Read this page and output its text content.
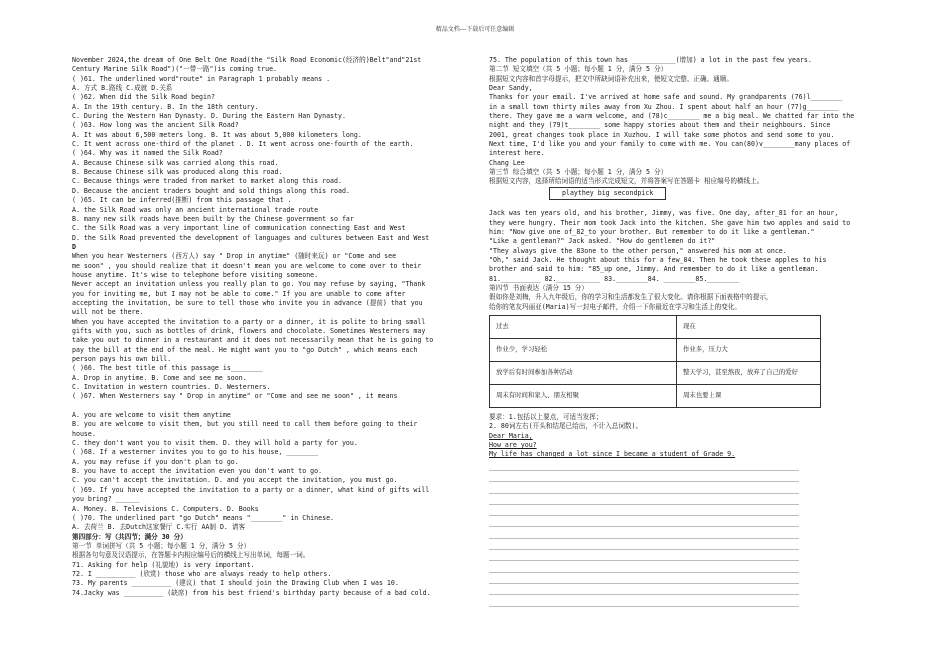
精品文档---下载后可任意编辑
November 2024,the dream of One Belt One Road(the "Silk Road Economic(经济的)Belt"and"21st
Century Marine Silk Road")("一带一路")is coming true.
( )61. The underlined word"route" in Paragraph 1 probably means .
A. 方式 B.路线 C.成就 D.关系
( )62. When did the Silk Road begin?
A. In the 19th century. B. In the 18th century.
C. During the Western Han Dynasty. D. During the Eastern Han Dynasty.
( )63. How long was the ancient Silk Road?
A. It was about 6,500 meters long. B. It was about 5,000 kilometers long.
C. It went across one-third of the planet . D. It went across one-fourth of the earth.
( )64. Why was it named the Silk Road?
A. Because Chinese silk was carried along this road.
B. Because Chinese silk was produced along this road.
C. Because things were traded from market to market along this road.
D. Because the ancient traders bought and sold things along this road.
( )65. It can be inferred(推断) from this passage that .
A. the Silk Road was only an ancient international trade route
B. many new silk roads have been built by the Chinese government so far
C. the Silk Road was a very important line of communication connecting East and West
D. the Silk Road prevented the development of languages and cultures between East and West
D
When you hear Westerners (西方人) say " Drop in anytime" (随时来玩) or "Come and see
me soon" , you should realize that it doesn't mean you are welcome to come over to their
house anytime. It's wise to telephone before visiting someone.
Never accept an invitation unless you really plan to go. You may refuse by saying, "Thank
you for inviting me, but I may not be able to come." If you are unable to come after
accepting the invitation, be sure to tell those who invite you in advance (提前) that you
will not be there.
When you have accepted the invitation to a party or a dinner, it is polite to bring small
gifts with you, such as bottles of drink, flowers and chocolate. Sometimes Westerners may
take you out to dinner in a restaurant and it does not necessarily mean that he is going to
pay the bill at the end of the meal. He might want you to "go Dutch" , which means each
person pays his own bill.
( )66. The best title of this passage is________
A. Drop in anytime. B. Come and see me soon.
C. Invitation in western countries. D. Westerners.
( )67. When Westerners say " Drop in anytime" or "Come and see me soon" , it means

A. you are welcome to visit them anytime
B. you are welcome to visit them, but you still need to call them before going to their
house.
C. they don't want you to visit them. D. they will hold a party for you.
( )68. If a westerner invites you to go to his house, ________
A. you may refuse if you don't plan to go.
B. you have to accept the invitation even you don't want to go.
C. you can't accept the invitation. D. and you accept the invitation, you must go.
( )69. If you have accepted the invitation to a party or a dinner, what kind of gifts will
you bring? ______
A. Money. B. Televisions C. Computers. D. Books
( )70. The underlined part "go Dutch" means "________" in Chinese.
A. 去荷兰 B. 去Dutch这家餐厅 C.实行 AA制 D. 请客
第四部分：写（共四节；满分 30 分）
第一节 单词拼写（共 5 小题；每小题 1 分，满分 5 分）
根据各句句意及汉语提示，在答题卡内相应编号后的横线上写出单词，每题一词。
71. Asking for help (礼貌地) is very important.
72. I __________ (欣赏) those who are always ready to help others.
73. My parents __________ (建议) that I should join the Drawing Club when I was 10.
74.Jacky was __________ (缺席) from his best friend's birthday party because of a bad cold.
75. The population of this town has ___________(增加) a lot in the past few years.
第二节 短文填空（共 5 小题；每小题 1 分，满分 5 分）
根据短文内容和首字母提示，把文中所缺词语补充出来，使短文完整、正确、通顺。
Dear Sandy,
Thanks for your email. I've arrived at home safe and sound. My grandparents (76)l________
in a small town thirty miles away from Xu Zhou. I spent about half an hour (77)g________
there. They gave me a warm welcome, and (78)c________ me a big meal. We chatted far into the
night and they (79)t________ some happy stories about them and their neighbours. Since
2001, great changes took place in Xuzhou. I will take some photos and send some to you.
Next time, I'd like you and your family to come with me. You can(80)v________many places of
interest here.
Chang Lee
第三节 综合填空（共 5 小题；每小题 1 分，满分 5 分）
根据短文内容，选择所给词语的适当形式完成短文，并将答案写在答题卡 相应编号的横线上。
playthey big secondpick

Jack was ten years old, and his brother, Jimmy, was five. One day, after_81 for an hour,
they were hungry. Their mom took Jack into the kitchen. She gave him two apples and said to
him: "Now give one of_82_to your brother. But remember to do it like a gentleman."
"Like a gentleman?" Jack asked. "How do gentlemen do it?"
"They always give the 83one to the other person," answered his mom at once.
"Oh," said Jack. He thought about this for a few_84. Then he took these apples to his
brother and said to him: "85_up one, Jimmy. And remember to do it like a gentleman.
81.__________ 82.___________ 83.________84. ________85.________
第四节 书面表达（满分 15 分）
假如你是刘梅，升入九年级后，你的学习和生活都发生了很大变化。请你根据下面表格中的提示，
给你的笔友玛丽亚(Maria)写一封电子邮件，介绍一下你最近在学习和生活上的变化。
过去	现在
作业少，学习轻松	作业多，压力大
放学后有时间参加各种活动	整天学习，甚至熬夜，放弃了自己的爱好
周末有时间和家人、朋友相聚	周末也要上课
要求：1.包括以上要点，可适当发挥；
2. 80词左右(开头和结尾已给出，不计入总词数)。
Dear Maria,
How are you?
My life has changed a lot since I became a student of Grade 9.
